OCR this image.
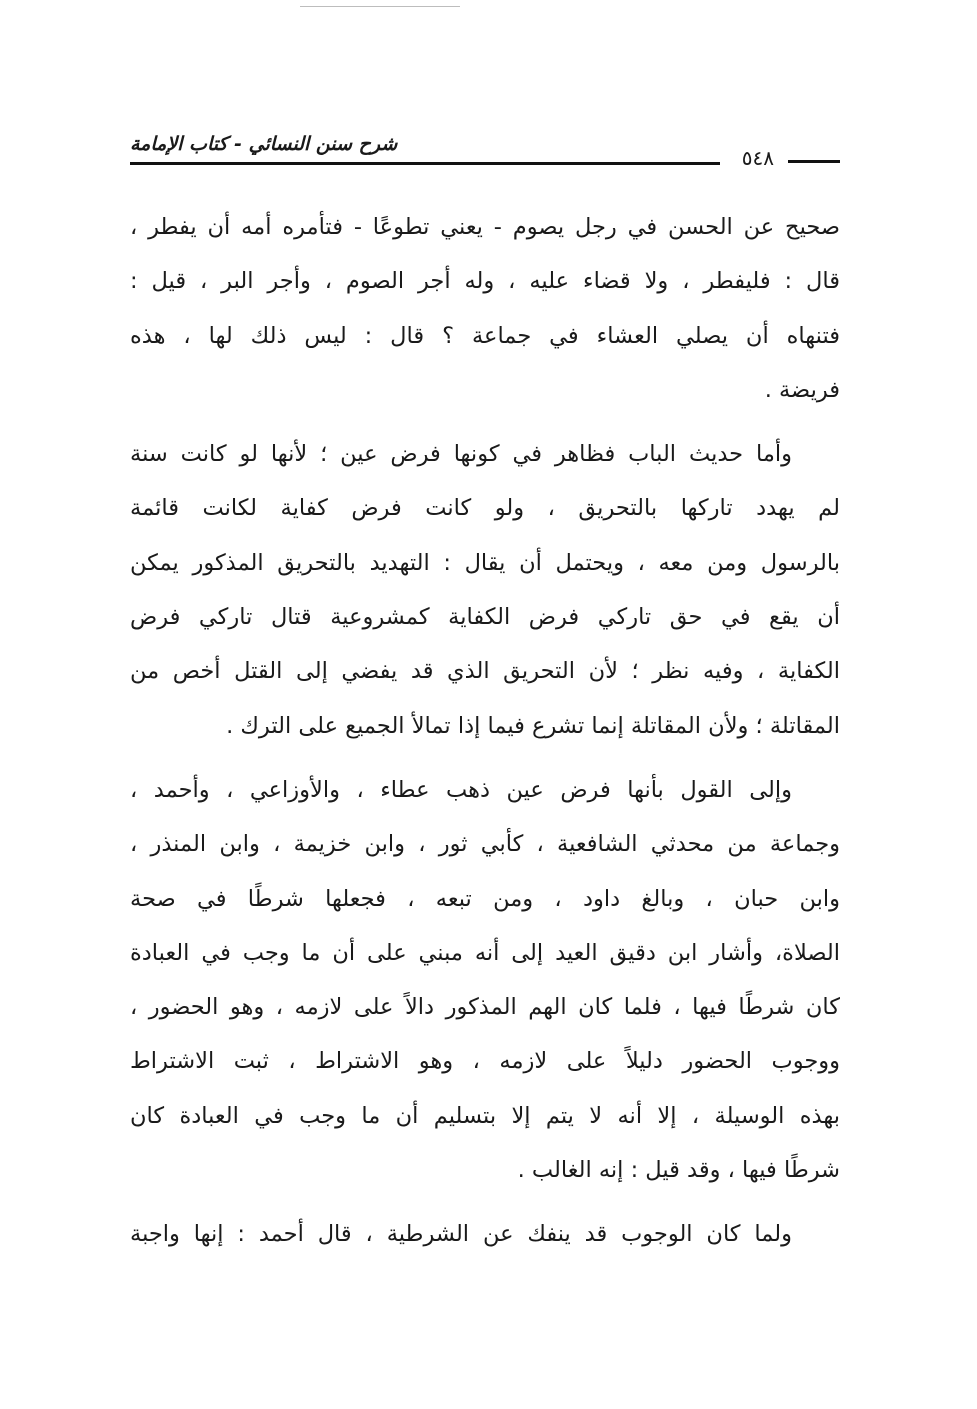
شرح سنن النسائي - كتاب الإمامة
٥٤٨
صحيح عن الحسن في رجل يصوم - يعني تطوعًا - فتأمره أمه أن يفطر ،
قال : فليفطر ، ولا قضاء عليه ، وله أجر الصوم ، وأجر البر ، قيل :
فتنهاه أن يصلي العشاء في جماعة ؟ قال : ليس ذلك لها ، هذه
فريضة .
وأما حديث الباب فظاهر في كونها فرض عين ؛ لأنها لو كانت سنة
لم يهدد تاركها بالتحريق ، ولو كانت فرض كفاية لكانت قائمة
بالرسول ومن معه ، ويحتمل أن يقال : التهديد بالتحريق المذكور يمكن
أن يقع في حق تاركي فرض الكفاية كمشروعية قتال تاركي فرض
الكفاية ، وفيه نظر ؛ لأن التحريق الذي قد يفضي إلى القتل أخص من
المقاتلة ؛ ولأن المقاتلة إنما تشرع فيما إذا تمالأ الجميع على الترك .
وإلى القول بأنها فرض عين ذهب عطاء ، والأوزاعي ، وأحمد ،
وجماعة من محدثي الشافعية ، كأبي ثور ، وابن خزيمة ، وابن المنذر ،
وابن حبان ، وبالغ داود ، ومن تبعه ، فجعلها شرطًا في صحة
الصلاة، وأشار ابن دقيق العيد إلى أنه مبني على أن ما وجب في العبادة
كان شرطًا فيها ، فلما كان الهم المذكور دالاً على لازمه ، وهو الحضور ،
ووجوب الحضور دليلاً على لازمه ، وهو الاشتراط ، ثبت الاشتراط
بهذه الوسيلة ، إلا أنه لا يتم إلا بتسليم أن ما وجب في العبادة كان
شرطًا فيها ، وقد قيل : إنه الغالب .
ولما كان الوجوب قد ينفك عن الشرطية ، قال أحمد : إنها واجبة
